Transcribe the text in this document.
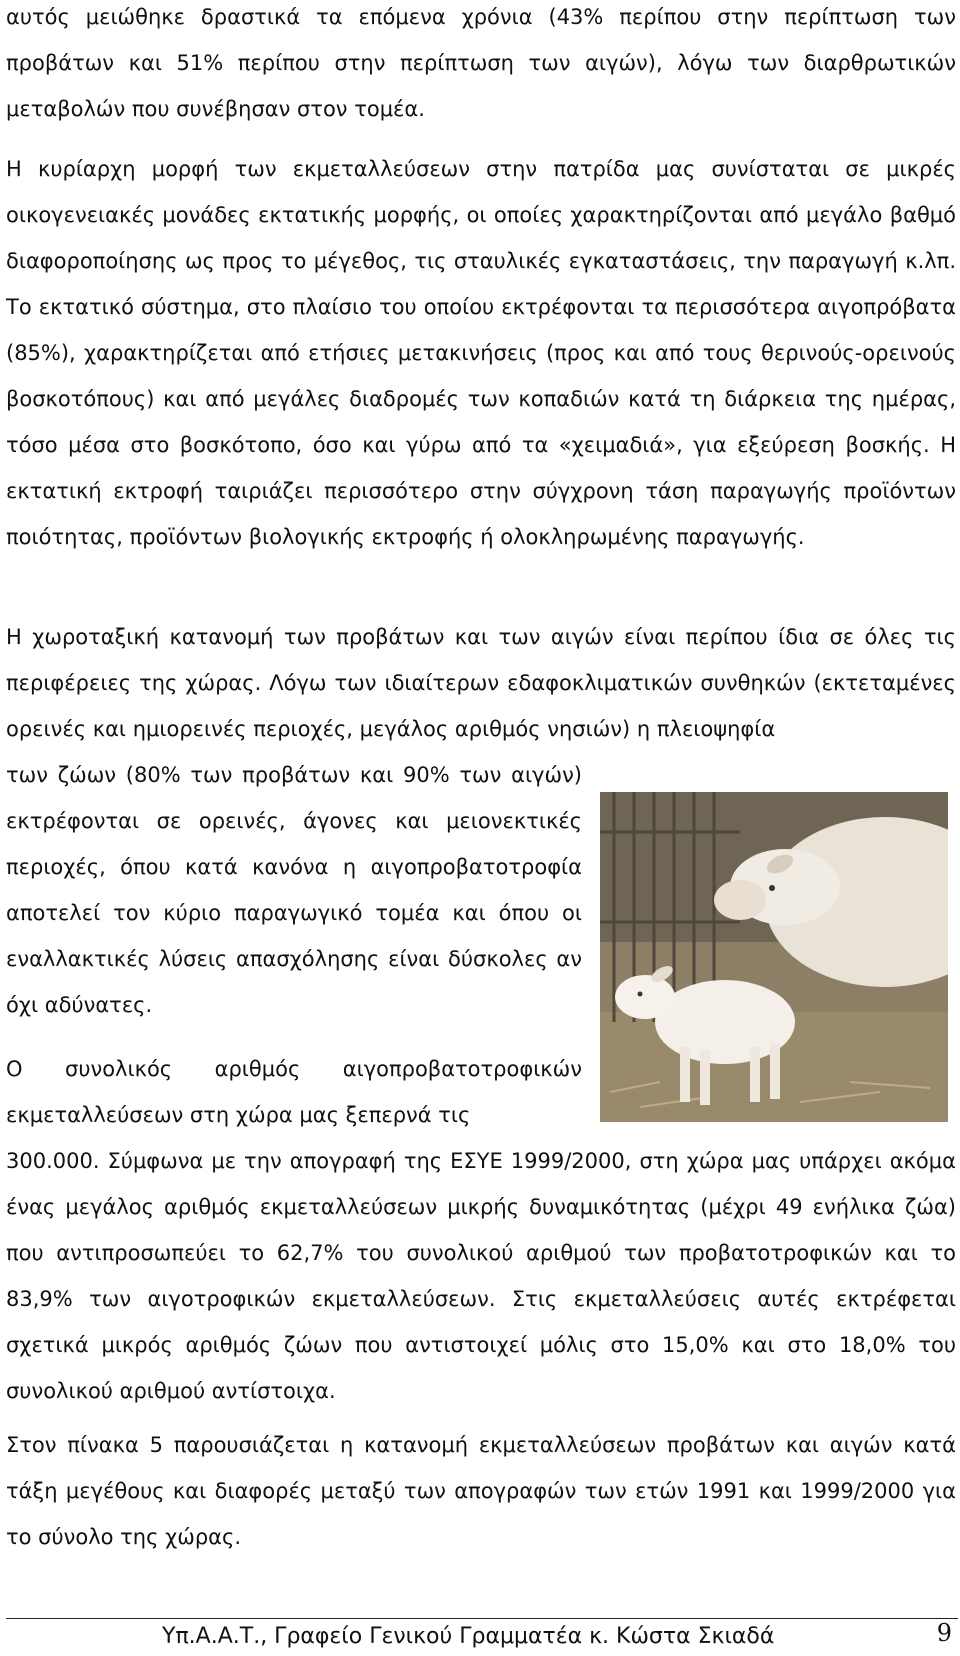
αυτός μειώθηκε δραστικά τα επόμενα χρόνια (43% περίπου στην περίπτωση των προβάτων και 51% περίπου στην περίπτωση των αιγών), λόγω των διαρθρωτικών μεταβολών που συνέβησαν στον τομέα.

Η κυρίαρχη μορφή των εκμεταλλεύσεων στην πατρίδα μας συνίσταται σε μικρές οικογενειακές μονάδες εκτατικής μορφής, οι οποίες χαρακτηρίζονται από μεγάλο βαθμό διαφοροποίησης ως προς το μέγεθος, τις σταυλικές εγκαταστάσεις, την παραγωγή κ.λπ. Το εκτατικό σύστημα, στο πλαίσιο του οποίου εκτρέφονται τα περισσότερα αιγοπρόβατα (85%), χαρακτηρίζεται από ετήσιες μετακινήσεις (προς και από τους θερινούς-ορεινούς βοσκοτόπους) και από μεγάλες διαδρομές των κοπαδιών κατά τη διάρκεια της ημέρας, τόσο μέσα στο βοσκότοπο, όσο και γύρω από τα «χειμαδιά», για εξεύρεση βοσκής. Η εκτατική εκτροφή ταιριάζει περισσότερο στην σύγχρονη τάση παραγωγής προϊόντων ποιότητας, προϊόντων βιολογικής εκτροφής ή ολοκληρωμένης παραγωγής.

Η χωροταξική κατανομή των προβάτων και των αιγών είναι περίπου ίδια σε όλες τις περιφέρειες της χώρας. Λόγω των ιδιαίτερων εδαφοκλιματικών συνθηκών (εκτεταμένες ορεινές και ημιορεινές περιοχές, μεγάλος αριθμός νησιών) η πλειοψηφία

των ζώων (80% των προβάτων και 90% των αιγών) εκτρέφονται σε ορεινές, άγονες και μειονεκτικές περιοχές, όπου κατά κανόνα η αιγοπροβατοτροφία αποτελεί τον κύριο παραγωγικό τομέα και όπου οι εναλλακτικές λύσεις απασχόλησης είναι δύσκολες αν όχι αδύνατες.

Ο συνολικός αριθμός αιγοπροβατοτροφικών εκμεταλλεύσεων στη χώρα μας ξεπερνά τις

300.000. Σύμφωνα με την απογραφή της ΕΣΥΕ 1999/2000, στη χώρα μας υπάρχει ακόμα ένας μεγάλος αριθμός εκμεταλλεύσεων μικρής δυναμικότητας (μέχρι 49 ενήλικα ζώα) που αντιπροσωπεύει το 62,7% του συνολικού αριθμού των προβατοτροφικών και το 83,9% των αιγοτροφικών εκμεταλλεύσεων. Στις εκμεταλλεύσεις αυτές εκτρέφεται σχετικά μικρός αριθμός ζώων που αντιστοιχεί μόλις στο 15,0% και στο 18,0% του συνολικού αριθμού αντίστοιχα.

Στον πίνακα 5 παρουσιάζεται η κατανομή εκμεταλλεύσεων προβάτων και αιγών κατά τάξη μεγέθους και διαφορές μεταξύ των απογραφών των ετών 1991 και 1999/2000 για το σύνολο της χώρας.

Υπ.Α.Α.Τ., Γραφείο Γενικού Γραμματέα κ. Κώστα Σκιαδά	9
